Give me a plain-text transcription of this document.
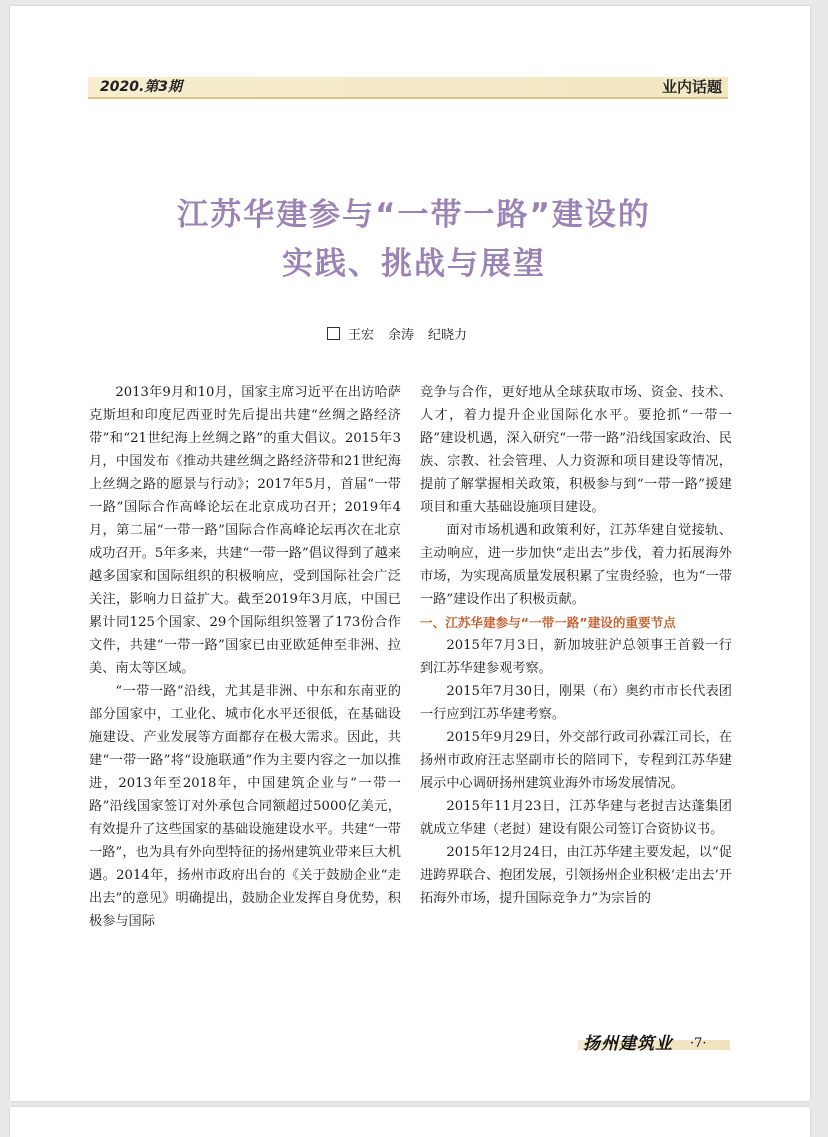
2020.第3期	业内话题
江苏华建参与“一带一路”建设的
实践、挑战与展望
王宏 余涛 纪晓力

2013年9月和10月，国家主席习近平在出访哈萨克斯坦和印度尼西亚时先后提出共建“丝绸之路经济带”和“21世纪海上丝绸之路”的重大倡议。2015年3月，中国发布《推动共建丝绸之路经济带和21世纪海上丝绸之路的愿景与行动》；2017年5月，首届“一带一路”国际合作高峰论坛在北京成功召开；2019年4月，第二届“一带一路”国际合作高峰论坛再次在北京成功召开。5年多来，共建“一带一路”倡议得到了越来越多国家和国际组织的积极响应，受到国际社会广泛关注，影响力日益扩大。截至2019年3月底，中国已累计同125个国家、29个国际组织签署了173份合作文件，共建“一带一路”国家已由亚欧延伸至非洲、拉美、南太等区域。

“一带一路”沿线，尤其是非洲、中东和东南亚的部分国家中，工业化、城市化水平还很低，在基础设施建设、产业发展等方面都存在极大需求。因此，共建“一带一路”将“设施联通”作为主要内容之一加以推进，2013年至2018年，中国建筑企业与“一带一路”沿线国家签订对外承包合同额超过5000亿美元，有效提升了这些国家的基础设施建设水平。共建“一带一路”，也为具有外向型特征的扬州建筑业带来巨大机遇。2014年，扬州市政府出台的《关于鼓励企业“走出去”的意见》明确提出，鼓励企业发挥自身优势，积极参与国际

竞争与合作，更好地从全球获取市场、资金、技术、人才，着力提升企业国际化水平。要抢抓“一带一路”建设机遇，深入研究“一带一路”沿线国家政治、民族、宗教、社会管理、人力资源和项目建设等情况，提前了解掌握相关政策，积极参与到“一带一路”援建项目和重大基础设施项目建设。

面对市场机遇和政策利好，江苏华建自觉接轨、主动响应，进一步加快“走出去”步伐，着力拓展海外市场，为实现高质量发展积累了宝贵经验，也为“一带一路”建设作出了积极贡献。

一、江苏华建参与“一带一路”建设的重要节点

2015年7月3日，新加坡驻沪总领事王首毅一行到江苏华建参观考察。

2015年7月30日，刚果（布）奥约市市长代表团一行应到江苏华建考察。

2015年9月29日，外交部行政司孙霖江司长，在扬州市政府汪志坚副市长的陪同下，专程到江苏华建展示中心调研扬州建筑业海外市场发展情况。

2015年11月23日，江苏华建与老挝吉达蓬集团就成立华建（老挝）建设有限公司签订合资协议书。

2015年12月24日，由江苏华建主要发起，以“促进跨界联合、抱团发展，引领扬州企业积极‘走出去’开拓海外市场，提升国际竞争力”为宗旨的

扬州建筑业 ·7·
